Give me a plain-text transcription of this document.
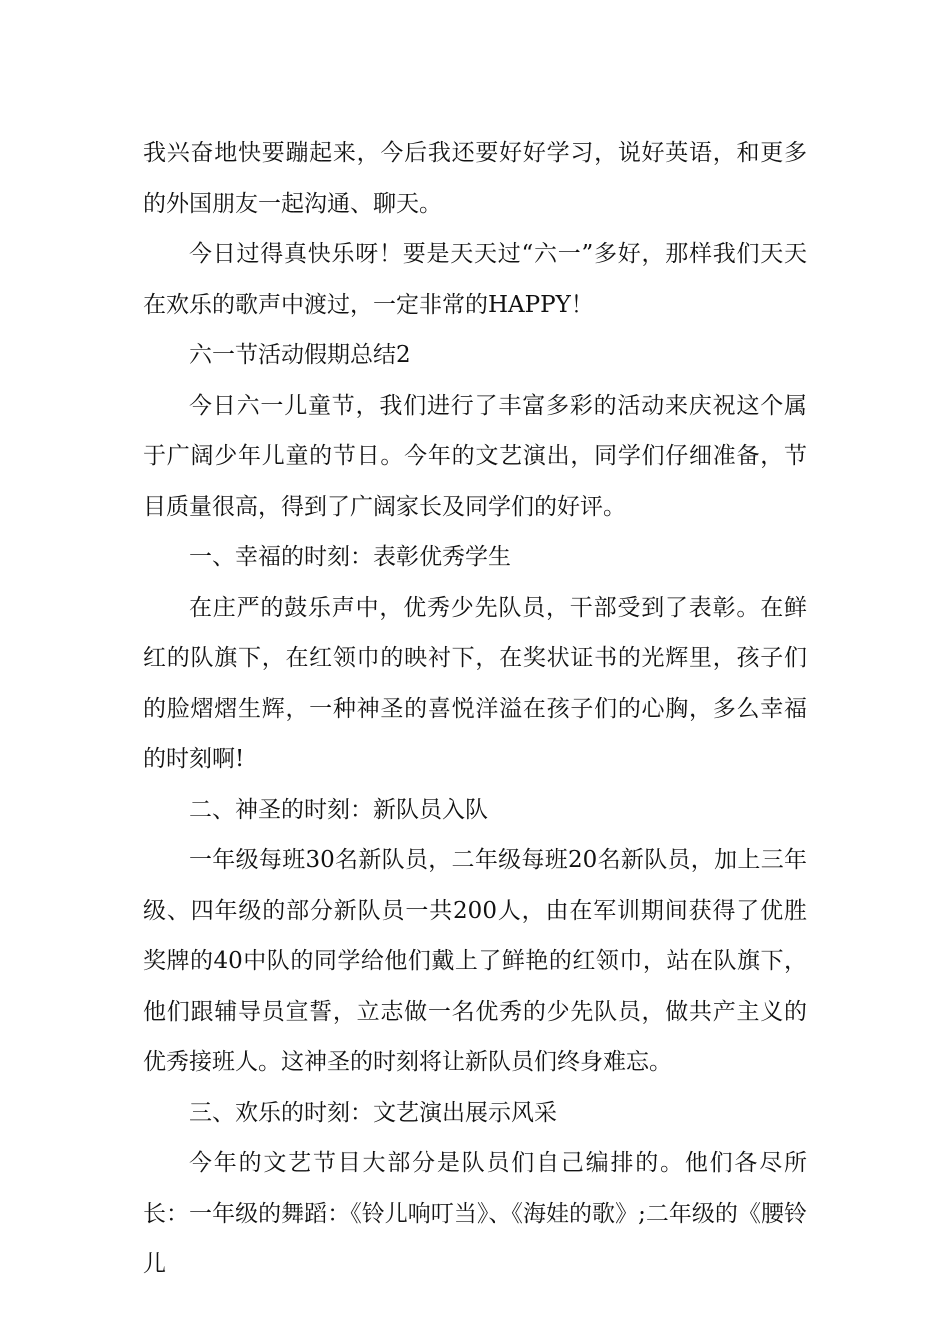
我兴奋地快要蹦起来，今后我还要好好学习，说好英语，和更多的外国朋友一起沟通、聊天。

今日过得真快乐呀！要是天天过“六一”多好，那样我们天天在欢乐的歌声中渡过，一定非常的HAPPY！

六一节活动假期总结2

今日六一儿童节，我们进行了丰富多彩的活动来庆祝这个属于广阔少年儿童的节日。今年的文艺演出，同学们仔细准备，节目质量很高，得到了广阔家长及同学们的好评。

一、幸福的时刻：表彰优秀学生

在庄严的鼓乐声中，优秀少先队员，干部受到了表彰。在鲜红的队旗下，在红领巾的映衬下，在奖状证书的光辉里，孩子们的脸熠熠生辉，一种神圣的喜悦洋溢在孩子们的心胸，多么幸福的时刻啊!

二、神圣的时刻：新队员入队

一年级每班30名新队员，二年级每班20名新队员，加上三年级、四年级的部分新队员一共200人，由在军训期间获得了优胜奖牌的40中队的同学给他们戴上了鲜艳的红领巾，站在队旗下，他们跟辅导员宣誓，立志做一名优秀的少先队员，做共产主义的优秀接班人。这神圣的时刻将让新队员们终身难忘。

三、欢乐的时刻：文艺演出展示风采

今年的文艺节目大部分是队员们自己编排的。他们各尽所长：一年级的舞蹈：《铃儿响叮当》、《海娃的歌》;二年级的《腰铃儿
